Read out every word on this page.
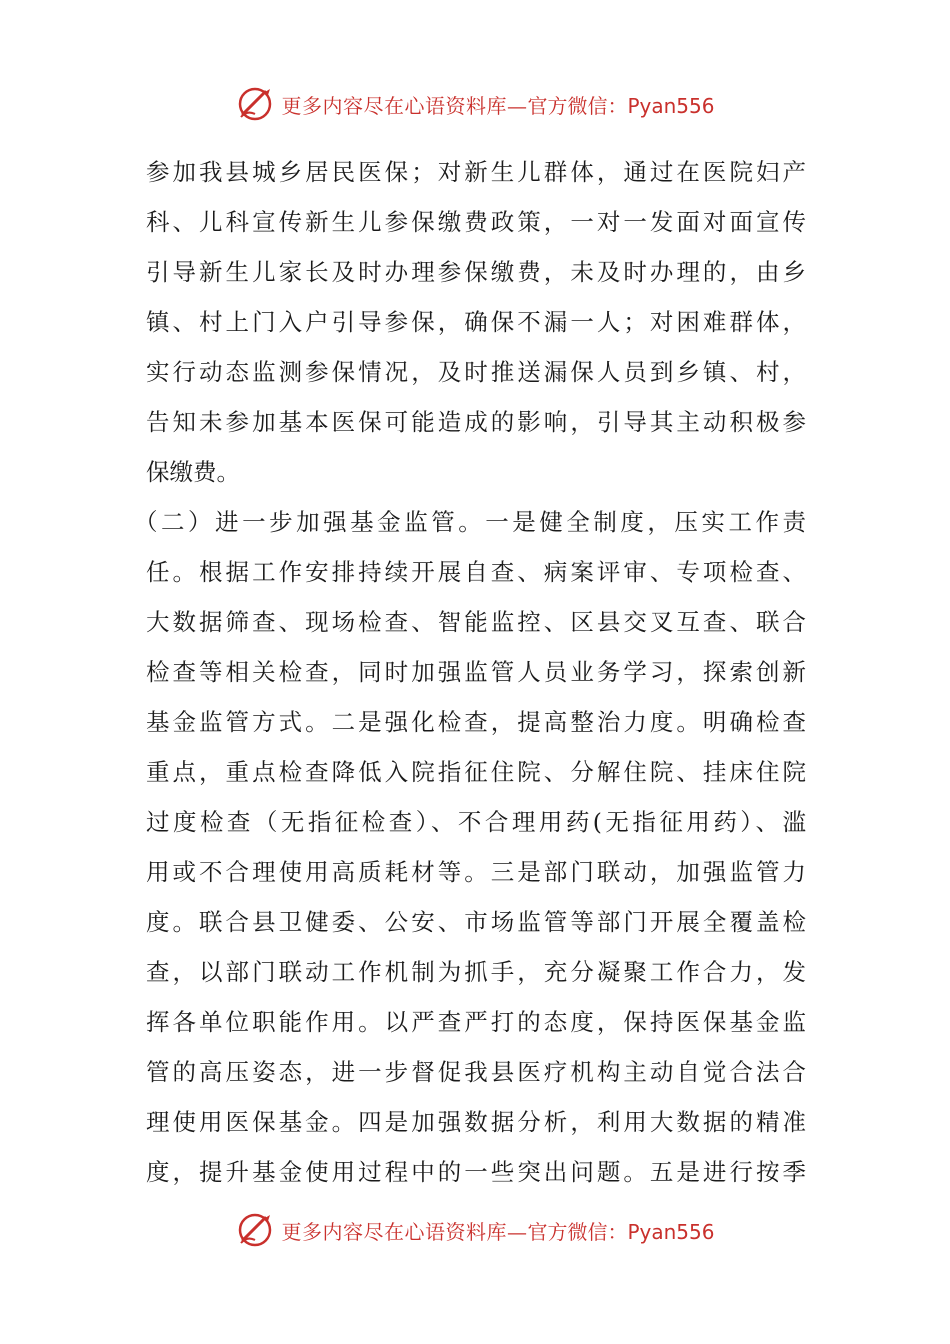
更多内容尽在心语资料库— 官方微信：Pyan556
参加我县城乡居民医保；对新生儿群体，通过在医院妇产
科、儿科宣传新生儿参保缴费政策，一对一发面对面宣传
引导新生儿家长及时办理参保缴费，未及时办理的，由乡
镇、村上门入户引导参保，确保不漏一人；对困难群体，
实行动态监测参保情况，及时推送漏保人员到乡镇、村，
告知未参加基本医保可能造成的影响，引导其主动积极参
保缴费。
（二）进一步加强基金监管。一是健全制度，压实工作责
任。根据工作安排持续开展自查、病案评审、专项检查、
大数据筛查、现场检查、智能监控、区县交叉互查、联合
检查等相关检查，同时加强监管人员业务学习，探索创新
基金监管方式。二是强化检查，提高整治力度。明确检查
重点，重点检查降低入院指征住院、分解住院、挂床住院
过度检查（无指征检查）、不合理用药(无指征用药）、滥
用或不合理使用高质耗材等。三是部门联动，加强监管力
度。联合县卫健委、公安、市场监管等部门开展全覆盖检
查，以部门联动工作机制为抓手，充分凝聚工作合力，发
挥各单位职能作用。以严查严打的态度，保持医保基金监
管的高压姿态，进一步督促我县医疗机构主动自觉合法合
理使用医保基金。四是加强数据分析，利用大数据的精准
度，提升基金使用过程中的一些突出问题。五是进行按季
更多内容尽在心语资料库— 官方微信：Pyan556
